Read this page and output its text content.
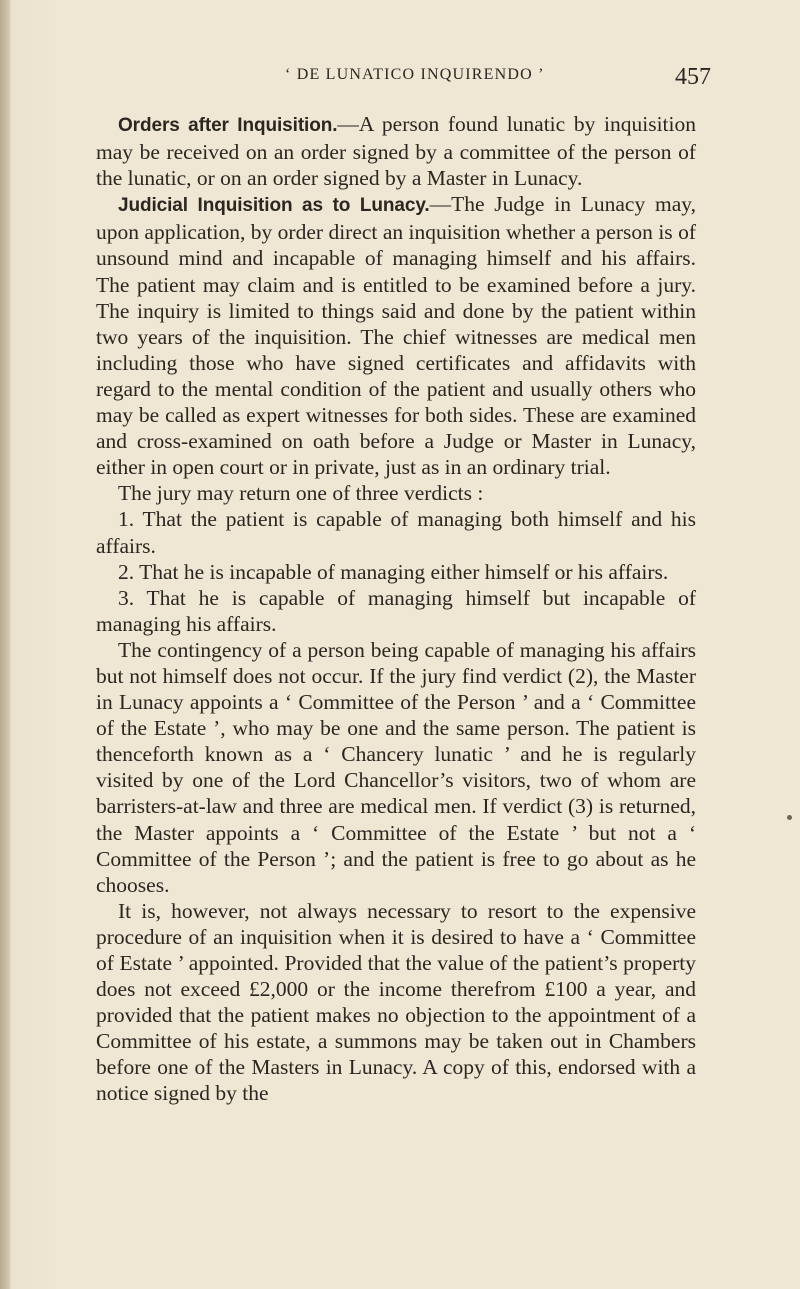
‘ DE LUNATICO INQUIRENDO ’	457

Orders after Inquisition.—A person found lunatic by inquisition may be received on an order signed by a committee of the person of the lunatic, or on an order signed by a Master in Lunacy.

Judicial Inquisition as to Lunacy.—The Judge in Lunacy may, upon application, by order direct an inquisition whether a person is of unsound mind and incapable of managing himself and his affairs. The patient may claim and is entitled to be examined before a jury. The inquiry is limited to things said and done by the patient within two years of the inquisition. The chief witnesses are medical men including those who have signed certificates and affidavits with regard to the mental condition of the patient and usually others who may be called as expert witnesses for both sides. These are examined and cross-examined on oath before a Judge or Master in Lunacy, either in open court or in private, just as in an ordinary trial.

The jury may return one of three verdicts :

1. That the patient is capable of managing both himself and his affairs.

2. That he is incapable of managing either himself or his affairs.

3. That he is capable of managing himself but incapable of managing his affairs.

The contingency of a person being capable of managing his affairs but not himself does not occur. If the jury find verdict (2), the Master in Lunacy appoints a ‘ Committee of the Person ’ and a ‘ Committee of the Estate ’, who may be one and the same person. The patient is thenceforth known as a ‘ Chancery lunatic ’ and he is regularly visited by one of the Lord Chancellor’s visitors, two of whom are barristers-at-law and three are medical men. If verdict (3) is returned, the Master appoints a ‘ Committee of the Estate ’ but not a ‘ Committee of the Person ’; and the patient is free to go about as he chooses.

It is, however, not always necessary to resort to the expensive procedure of an inquisition when it is desired to have a ‘ Committee of Estate ’ appointed. Provided that the value of the patient’s property does not exceed £2,000 or the income therefrom £100 a year, and provided that the patient makes no objection to the appointment of a Committee of his estate, a summons may be taken out in Chambers before one of the Masters in Lunacy. A copy of this, endorsed with a notice signed by the
